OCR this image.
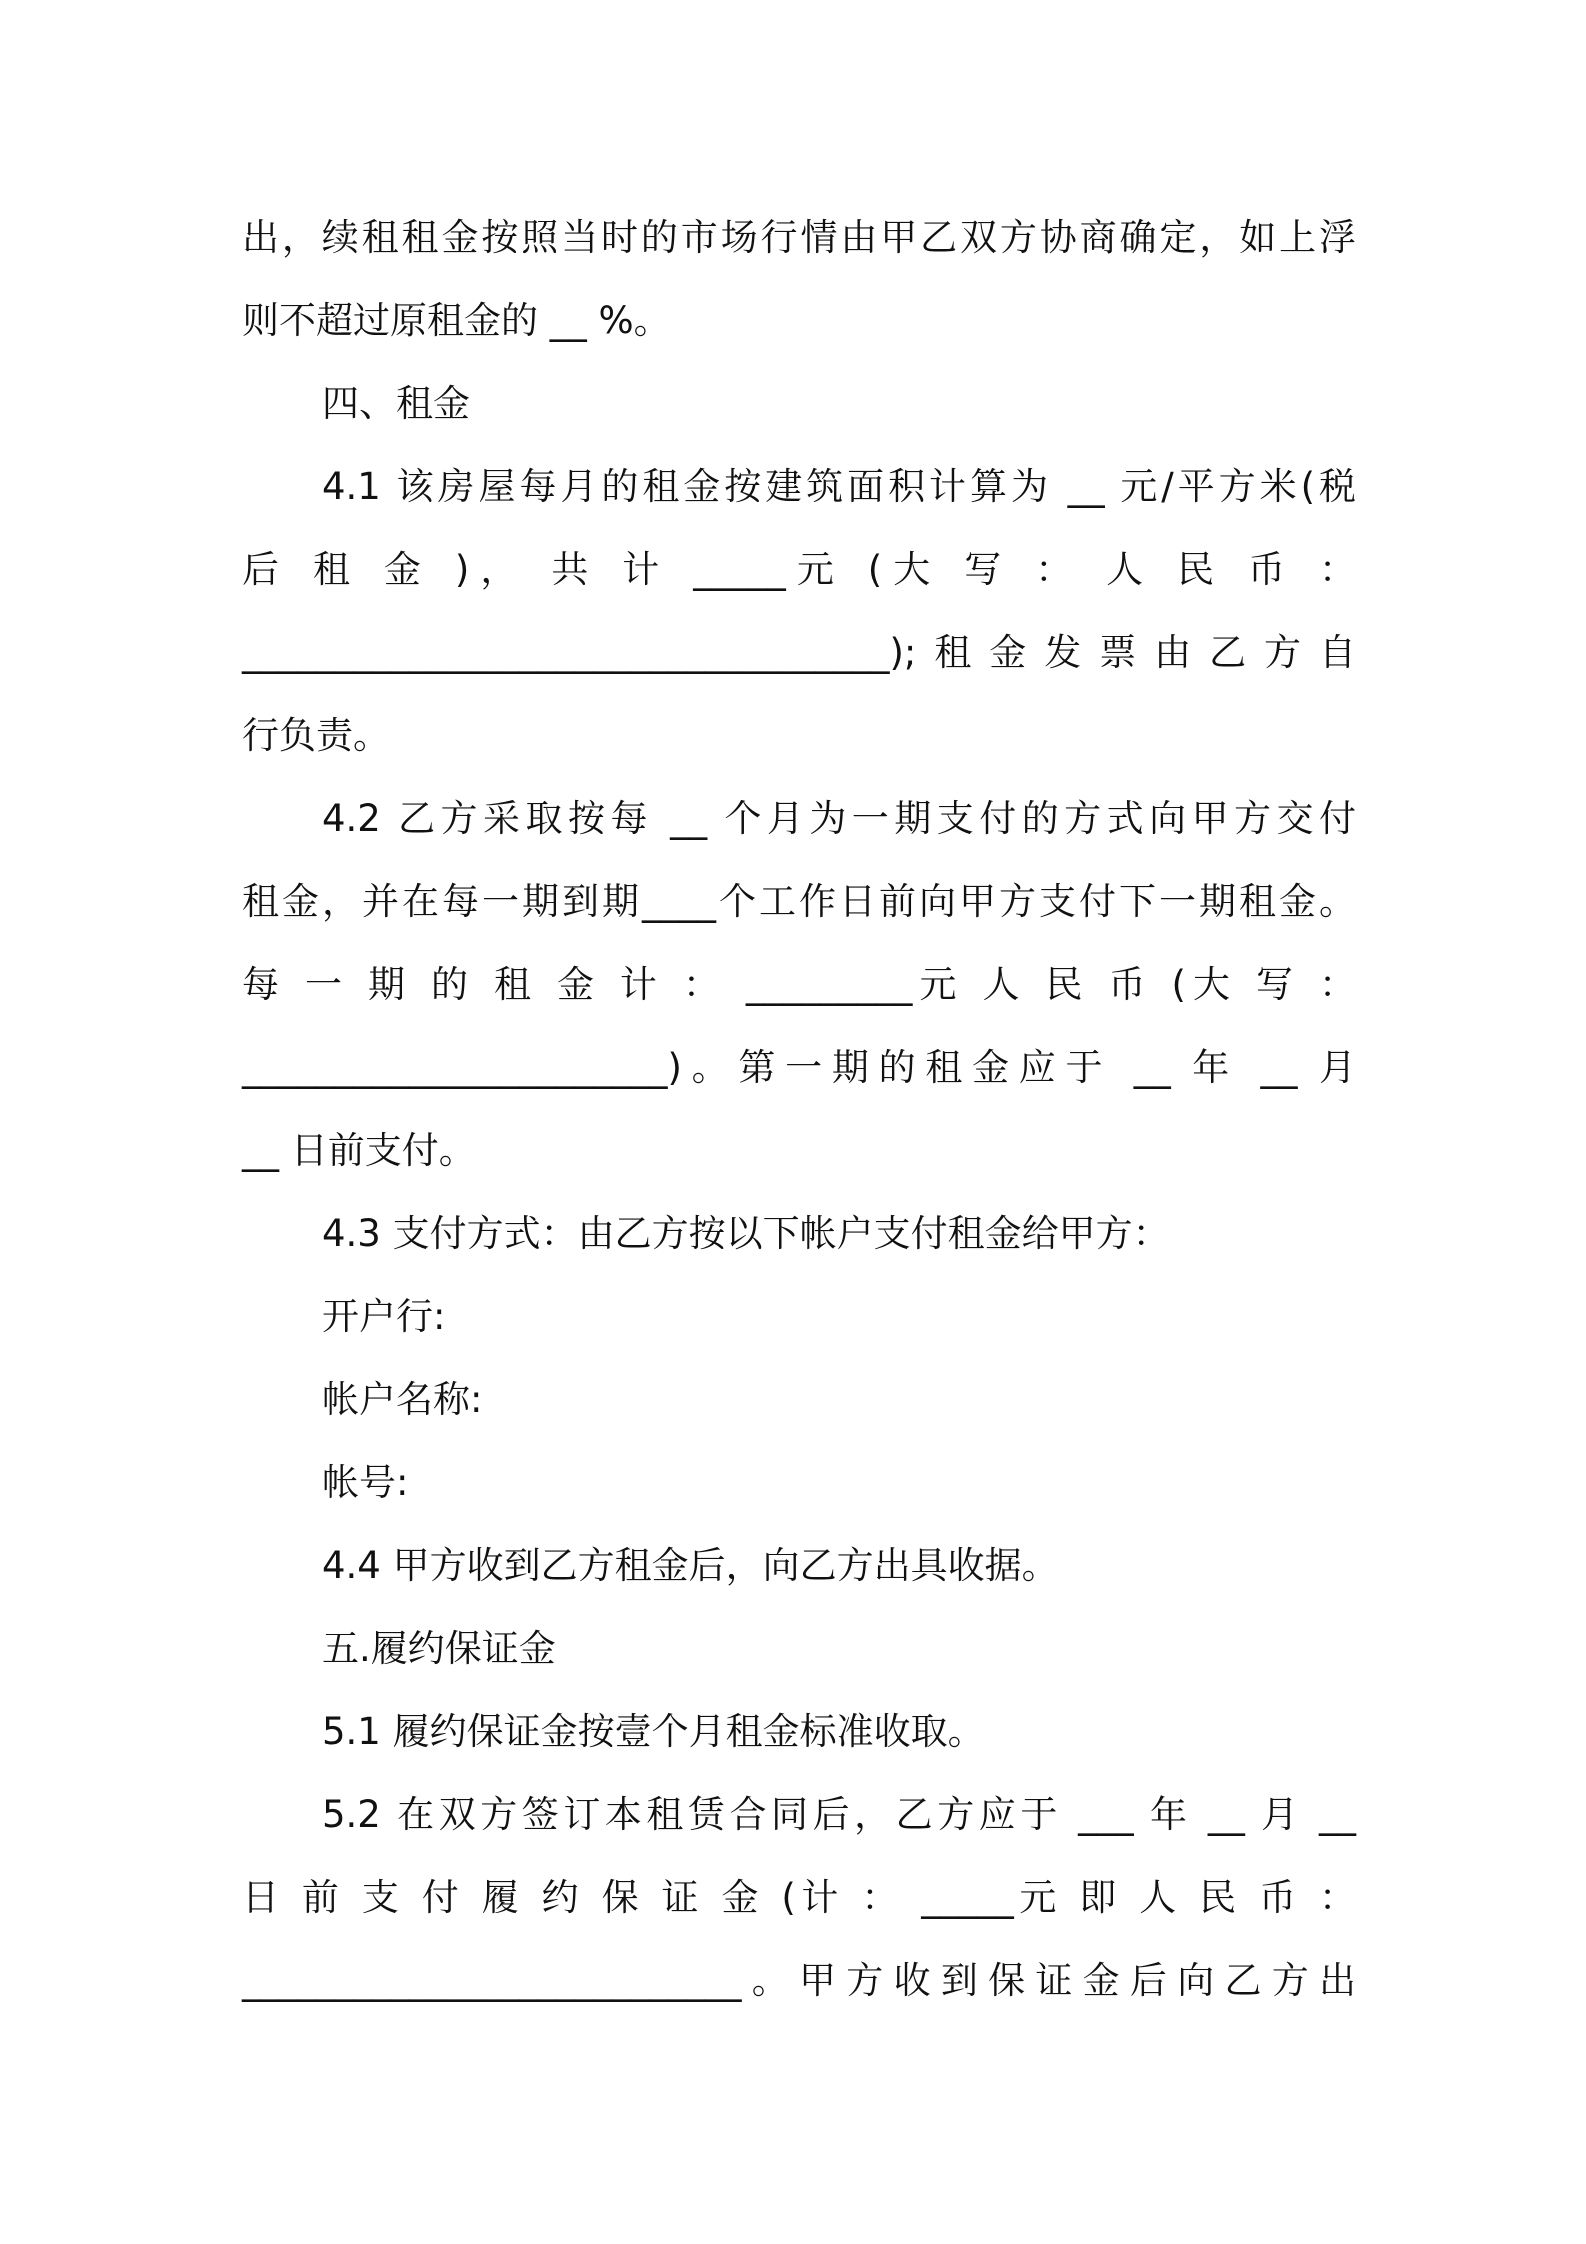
出，续租租金按照当时的市场行情由甲乙双方协商确定，如上浮
则不超过原租金的 __ %。
四、租金
4.1 该房屋每月的租金按建筑面积计算为 __ 元/平方米(税
后 租 金 )， 共 计 _____元 (大 写 ： 人 民 币 ：
___________________________________);租金发票由乙方自
行负责。
4.2 乙方采取按每 __ 个月为一期支付的方式向甲方交付
租金，并在每一期到期____个工作日前向甲方支付下一期租金。
每 一 期 的 租 金 计 ： _________元 人 民 币 (大 写 ：
_______________________)。第一期的租金应于 __ 年 __ 月
__ 日前支付。
4.3 支付方式：由乙方按以下帐户支付租金给甲方：
开户行:
帐户名称:
帐号:
4.4 甲方收到乙方租金后，向乙方出具收据。
五.履约保证金
5.1 履约保证金按壹个月租金标准收取。
5.2 在双方签订本租赁合同后，乙方应于 ___ 年 __ 月 __
日 前 支 付 履 约 保 证 金 (计 ： _____元 即 人 民 币 ：
___________________________。甲方收到保证金后向乙方出
